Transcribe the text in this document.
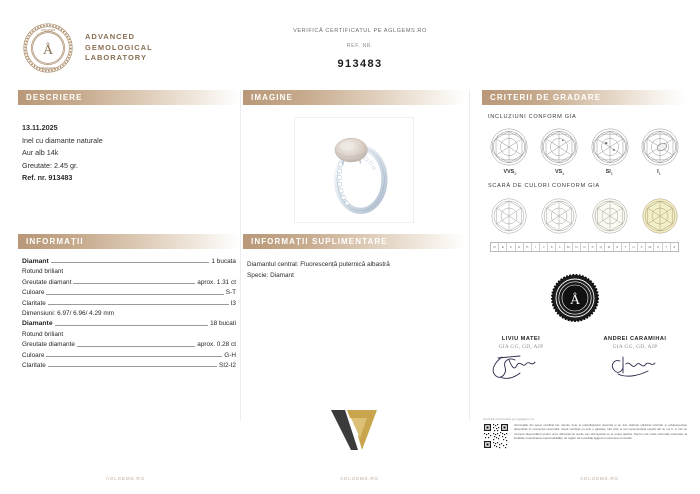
Å
ADVANCED
LABORATORY
ADVANCED
GEMOLOGICAL
LABORATORY
VERIFICĂ CERTIFICATUL PE AGLGEMS.RO
REF. NR.
913483
DESCRIERE
13.11.2025
Inel cu diamante naturale
Aur alb 14k
Greutate: 2.45 gr.
Ref. nr. 913483
IMAGINE	CRITERII DE GRADARE
INCLUZIUNI CONFORM GIA
$VVS_2$	$VS_1$	$SI_1$	$I_1$
SCARĂ DE CULORI CONFORM GIA
D	E	F	G	H	I	J	K	L	M	N	O	P	Q	R	S	T	U	V	W	X	Y	Z
INFORMAȚII
Diamant	1 bucata
Rotund briliant
Greutate diamant	aprox. 1.31 ct
Culoare	S-T
Claritate	I3
Dimensiuni: 6.97/ 6.96/ 4.29 mm
Diamante	18 bucati
Rotund briliant
Greutate diamante	aprox. 0.28 ct
Culoare	G-H
Claritate	SI2-I2
INFORMAȚII SUPLIMENTARE
Diamantul central: Fluorescență puternică albastră
Specie: Diamant
Å
LIVIU MATEI
GIA GG, GD, AJP
ANDREI CARAMIHAI
GIA GG, GD, AJP
Verifică certificatul pe aglgems.ro
Informațiile din acest certificat fac referire doar la piatra/bijuteria descrisă și au fost obținute utilizând tehnicile și echipamentele disponibile în momentul examinării. Acest certificat nu este o garanție. Nici AGL și nici reprezentanții experți săi nu vor fi, în nici un moment răspunzători pentru orice diferență de opinie sau discrepanță ce ar putea apărea. Pentru mai multe informații referitoare la limitările și declinarea responsabilității, vă rugăm să consultați aglgems.ro/termeni-si-conditii.
AGLGEMS.RO	AGLGEMS.RO	AGLGEMS.RO
